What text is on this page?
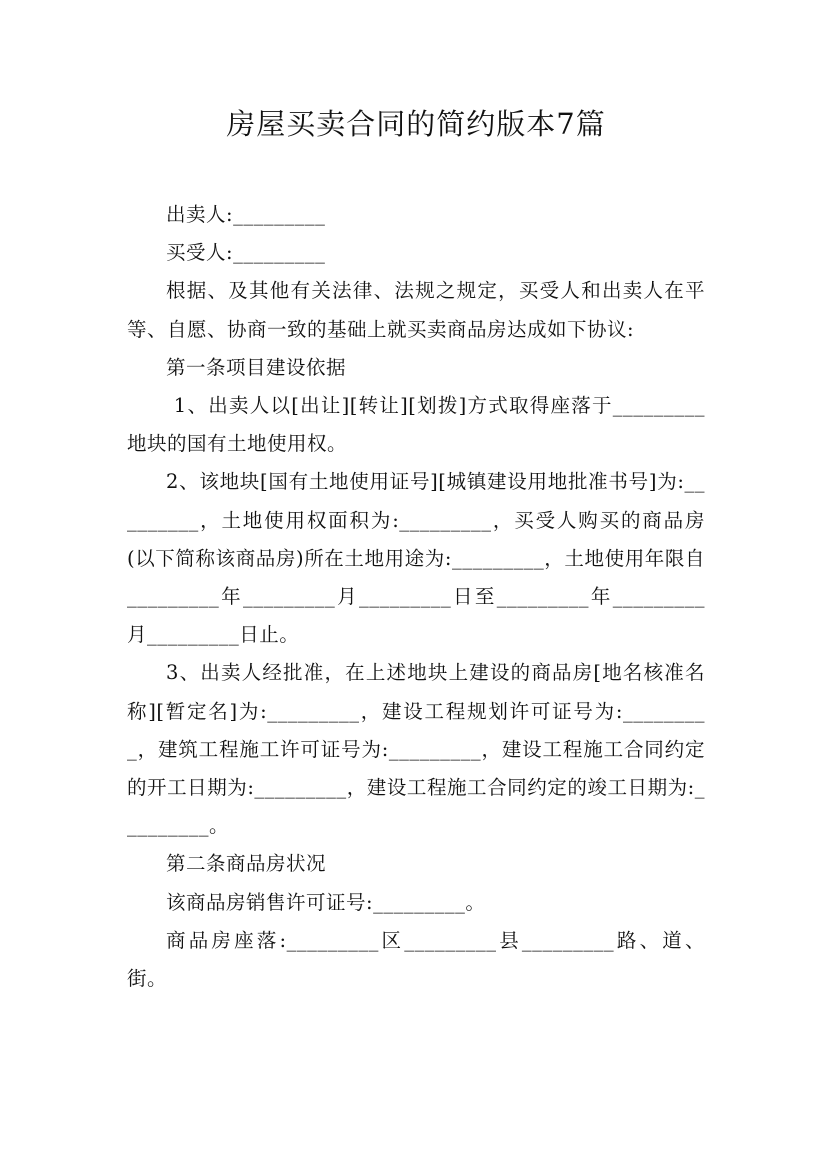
房屋买卖合同的简约版本7篇

出卖人:_________

买受人:_________

根据、及其他有关法律、法规之规定，买受人和出卖人在平等、自愿、协商一致的基础上就买卖商品房达成如下协议:

第一条项目建设依据

1、出卖人以[出让][转让][划拨]方式取得座落于_________地块的国有土地使用权。

2、该地块[国有土地使用证号][城镇建设用地批准书号]为:_________，土地使用权面积为:_________，买受人购买的商品房(以下简称该商品房)所在土地用途为:_________，土地使用年限自_________年_________月_________日至_________年_________月_________日止。

3、出卖人经批准，在上述地块上建设的商品房[地名核准名称][暂定名]为:_________，建设工程规划许可证号为:_________，建筑工程施工许可证号为:_________，建设工程施工合同约定的开工日期为:_________，建设工程施工合同约定的竣工日期为:_________。

第二条商品房状况

该商品房销售许可证号:_________。

商品房座落:_________区_________县_________路、道、街。
